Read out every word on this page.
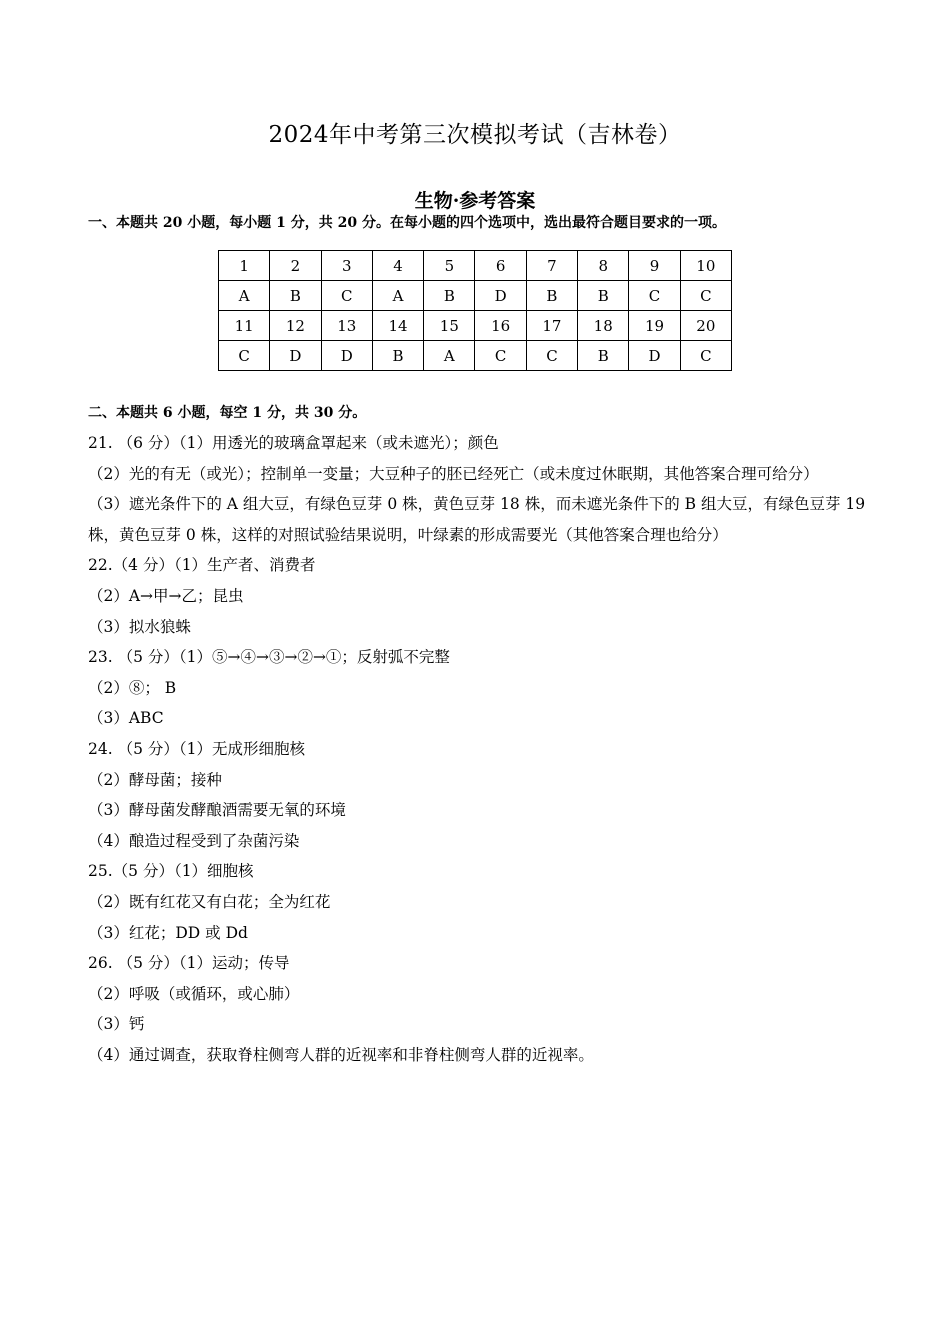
2024年中考第三次模拟考试（吉林卷）
生物·参考答案
一、本题共 20 小题，每小题 1 分，共 20 分。在每小题的四个选项中，选出最符合题目要求的一项。
1	2	3	4	5	6	7	8	9	10
A	B	C	A	B	D	B	B	C	C
11	12	13	14	15	16	17	18	19	20
C	D	D	B	A	C	C	B	D	C
二、本题共 6 小题，每空 1 分，共 30 分。
21. （6 分）（1）用透光的玻璃盒罩起来（或未遮光）；颜色
（2）光的有无（或光）；控制单一变量；大豆种子的胚已经死亡（或未度过休眠期，其他答案合理可给分）
（3）遮光条件下的 A 组大豆，有绿色豆芽 0 株，黄色豆芽 18 株，而未遮光条件下的 B 组大豆，有绿色豆芽 19 株，黄色豆芽 0 株，这样的对照试验结果说明，叶绿素的形成需要光（其他答案合理也给分）
22.（4 分）（1）生产者、消费者
（2）A→甲→乙；昆虫
（3）拟水狼蛛
23. （5 分）（1）⑤→④→③→②→①；反射弧不完整
（2）⑧； B
（3）ABC
24. （5 分）（1）无成形细胞核
（2）酵母菌；接种
（3）酵母菌发酵酿酒需要无氧的环境
（4）酿造过程受到了杂菌污染
25.（5 分）（1）细胞核
（2）既有红花又有白花；全为红花
（3）红花；DD 或 Dd
26. （5 分）（1）运动；传导
（2）呼吸（或循环，或心肺）
（3）钙
（4）通过调查，获取脊柱侧弯人群的近视率和非脊柱侧弯人群的近视率。
